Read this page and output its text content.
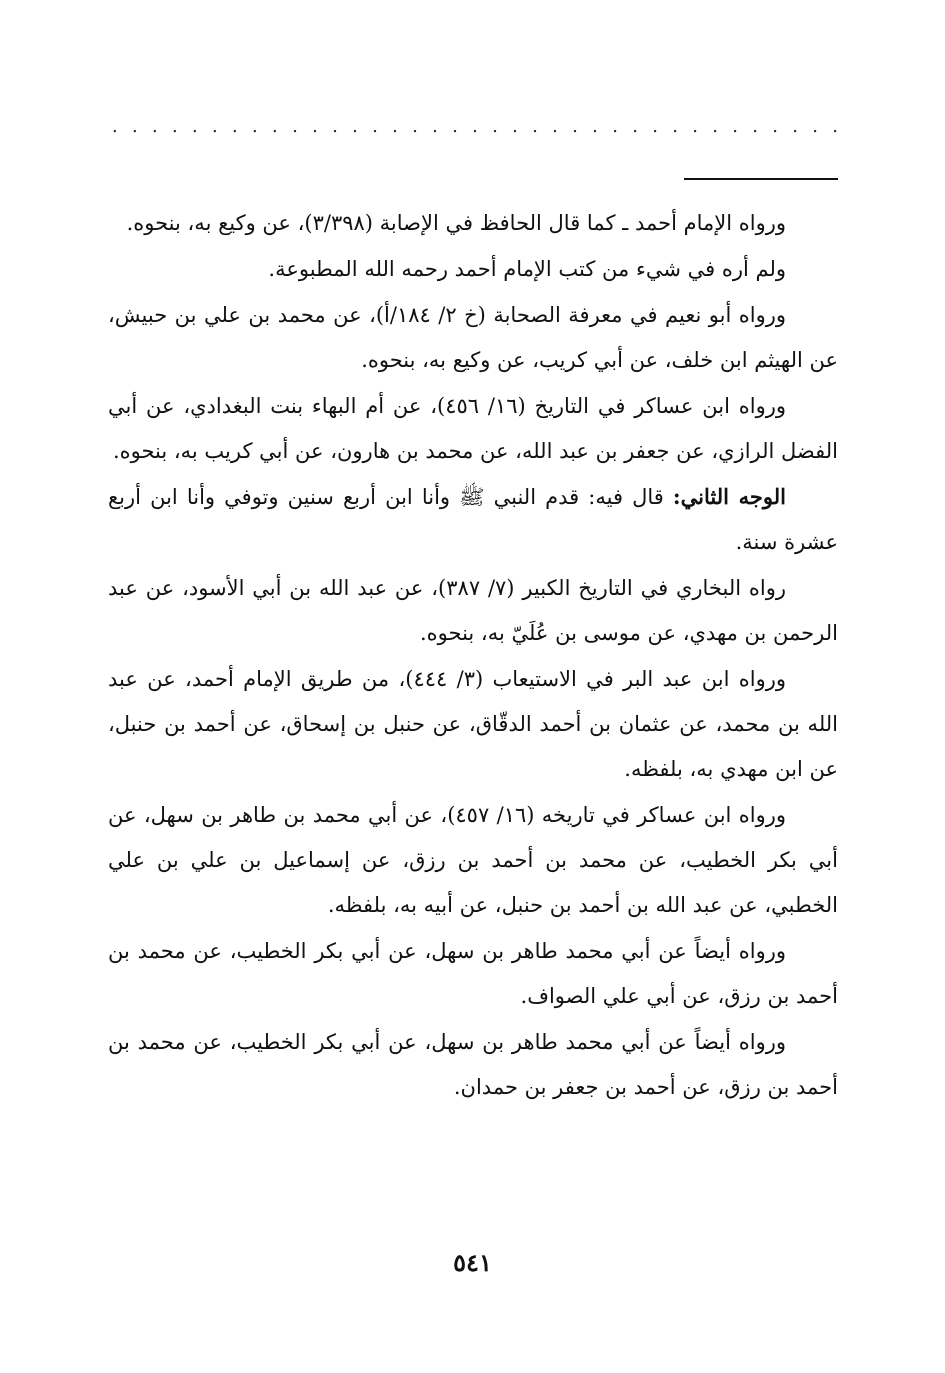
. . . . . . . . . . . . . . . . . . . . . . . . . . . . . . . . . . . . .

ورواه الإمام أحمد ـ كما قال الحافظ في الإصابة (٣/٣٩٨)، عن وكيع به، بنحوه.

ولم أره في شيء من كتب الإمام أحمد رحمه الله المطبوعة.

ورواه أبو نعيم في معرفة الصحابة (خ ٢/ ١٨٤/أ)، عن محمد بن علي بن حبيش، عن الهيثم ابن خلف، عن أبي كريب، عن وكيع به، بنحوه.

ورواه ابن عساكر في التاريخ (١٦/ ٤٥٦)، عن أم البهاء بنت البغدادي، عن أبي الفضل الرازي، عن جعفر بن عبد الله، عن محمد بن هارون، عن أبي كريب به، بنحوه.

الوجه الثاني: قال فيه: قدم النبي ﷺ وأنا ابن أربع سنين وتوفي وأنا ابن أربع عشرة سنة.

رواه البخاري في التاريخ الكبير (٧/ ٣٨٧)، عن عبد الله بن أبي الأسود، عن عبد الرحمن بن مهدي، عن موسى بن عُلَيّ به، بنحوه.

ورواه ابن عبد البر في الاستيعاب (٣/ ٤٤٤)، من طريق الإمام أحمد، عن عبد الله بن محمد، عن عثمان بن أحمد الدقّاق، عن حنبل بن إسحاق، عن أحمد بن حنبل، عن ابن مهدي به، بلفظه.

ورواه ابن عساكر في تاريخه (١٦/ ٤٥٧)، عن أبي محمد بن طاهر بن سهل، عن أبي بكر الخطيب، عن محمد بن أحمد بن رزق، عن إسماعيل بن علي بن علي الخطبي، عن عبد الله بن أحمد بن حنبل، عن أبيه به، بلفظه.

ورواه أيضاً عن أبي محمد طاهر بن سهل، عن أبي بكر الخطيب، عن محمد بن أحمد بن رزق، عن أبي علي الصواف.

ورواه أيضاً عن أبي محمد طاهر بن سهل، عن أبي بكر الخطيب، عن محمد بن أحمد بن رزق، عن أحمد بن جعفر بن حمدان.

٥٤١
